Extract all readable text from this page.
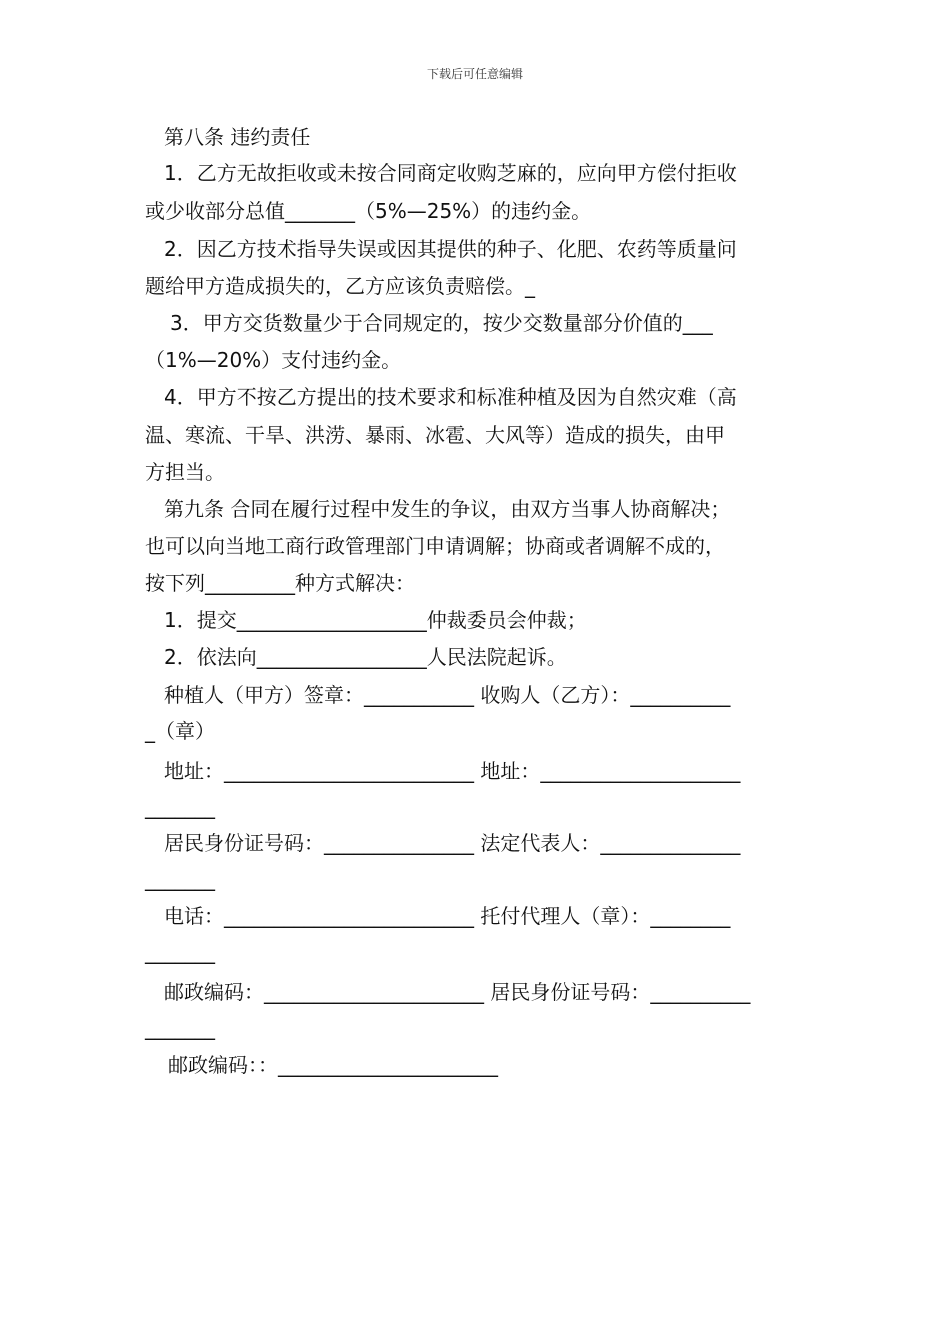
下载后可任意编辑
第八条 违约责任
1．乙方无故拒收或未按合同商定收购芝麻的，应向甲方偿付拒收
或少收部分总值_______（5%—25%）的违约金。
2．因乙方技术指导失误或因其提供的种子、化肥、农药等质量问
题给甲方造成损失的，乙方应该负责赔偿。_
3．甲方交货数量少于合同规定的，按少交数量部分价值的___
（1%—20%）支付违约金。
4．甲方不按乙方提出的技术要求和标准种植及因为自然灾难（高
温、寒流、干旱、洪涝、暴雨、冰雹、大风等）造成的损失，由甲
方担当。
第九条 合同在履行过程中发生的争议，由双方当事人协商解决；
也可以向当地工商行政管理部门申请调解；协商或者调解不成的，
按下列_________种方式解决：
1．提交___________________仲裁委员会仲裁；
2．依法向_________________人民法院起诉。
种植人（甲方）签章：___________ 收购人（乙方）：__________
_（章）
地址：_________________________ 地址：____________________
_______
居民身份证号码：_______________ 法定代表人：______________
_______
电话：_________________________ 托付代理人（章）：________
_______
邮政编码：______________________ 居民身份证号码：__________
_______
邮政编码：：______________________
